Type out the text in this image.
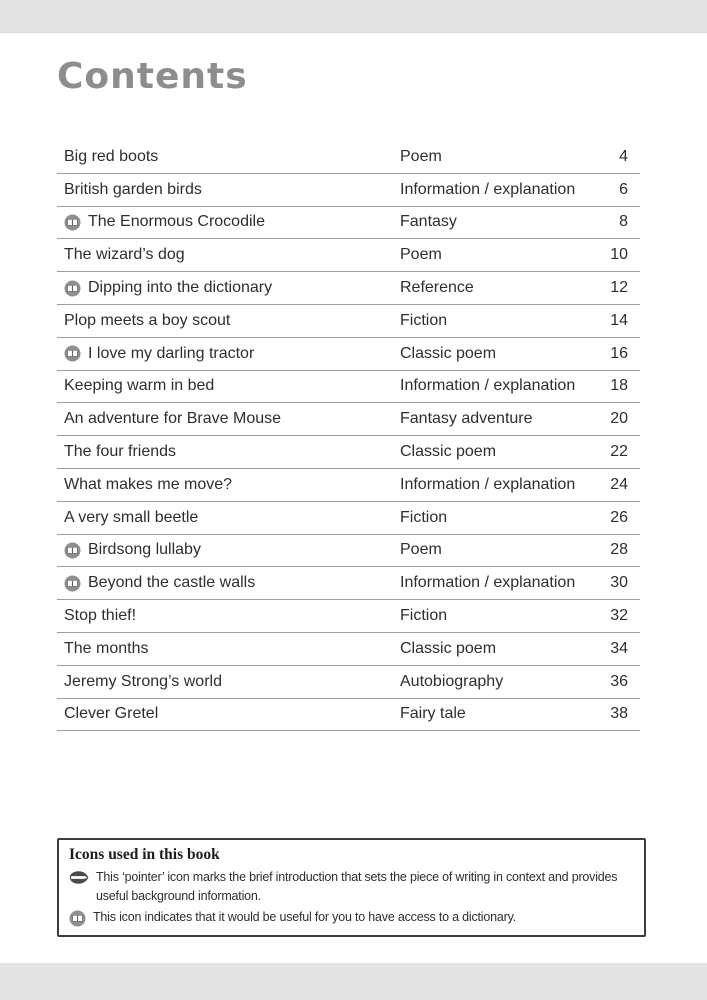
Contents
Big red boots	Poem	4
British garden birds	Information / explanation	6
The Enormous Crocodile	Fantasy	8
The wizard’s dog	Poem	10
Dipping into the dictionary	Reference	12
Plop meets a boy scout	Fiction	14
I love my darling tractor	Classic poem	16
Keeping warm in bed	Information / explanation	18
An adventure for Brave Mouse	Fantasy adventure	20
The four friends	Classic poem	22
What makes me move?	Information / explanation	24
A very small beetle	Fiction	26
Birdsong lullaby	Poem	28
Beyond the castle walls	Information / explanation	30
Stop thief!	Fiction	32
The months	Classic poem	34
Jeremy Strong’s world	Autobiography	36
Clever Gretel	Fairy tale	38

Icons used in this book

This ‘pointer’ icon marks the brief introduction that sets the piece of writing in context and provides useful background information.
This icon indicates that it would be useful for you to have access to a dictionary.
